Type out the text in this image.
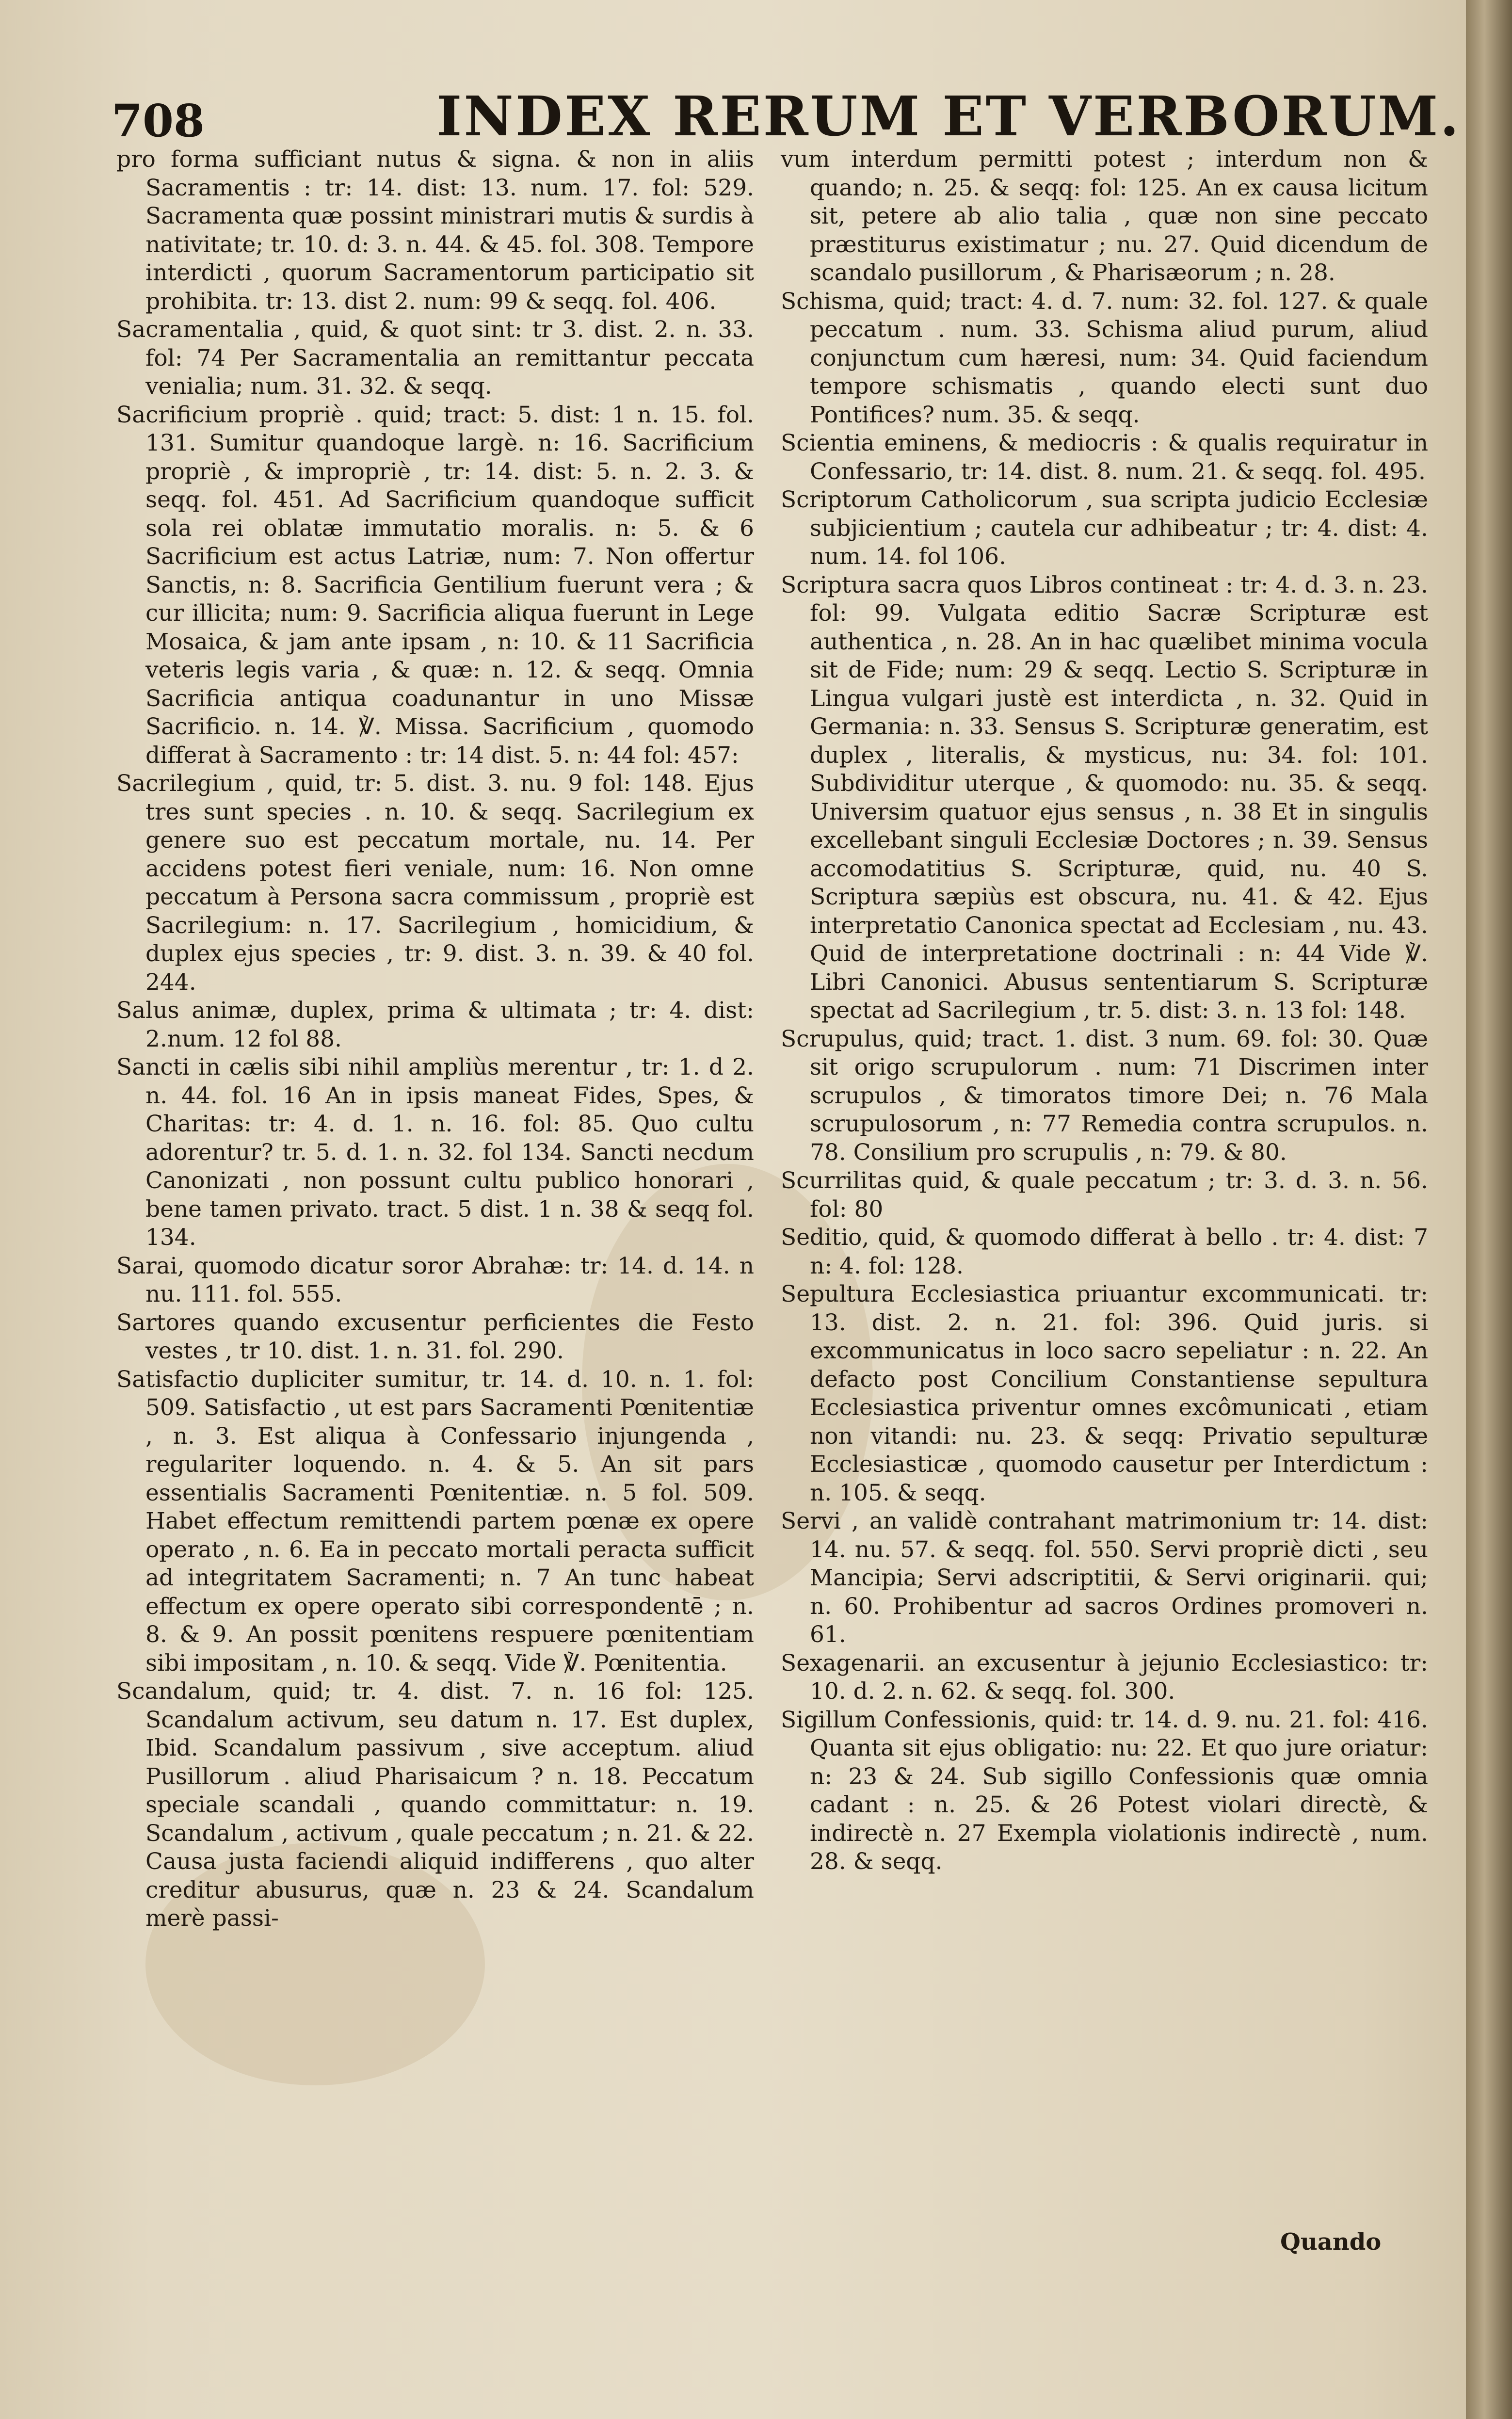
708	INDEX RERUM ET VERBORUM.

pro forma sufficiant nutus & signa. & non in aliis Sacramentis : tr: 14. dist: 13. num. 17. fol: 529. Sacramenta quæ possint ministrari mutis & surdis à nativitate; tr. 10. d: 3. n. 44. & 45. fol. 308. Tempore interdicti , quorum Sacramentorum participatio sit prohibita. tr: 13. dist 2. num: 99 & seqq. fol. 406.

Sacramentalia , quid, & quot sint: tr 3. dist. 2. n. 33. fol: 74 Per Sacramentalia an remittantur peccata venialia; num. 31. 32. & seqq.

Sacrificium propriè . quid; tract: 5. dist: 1 n. 15. fol. 131. Sumitur quandoque largè. n: 16. Sacrificium propriè , & impropriè , tr: 14. dist: 5. n. 2. 3. & seqq. fol. 451. Ad Sacrificium quandoque sufficit sola rei oblatæ immutatio moralis. n: 5. & 6 Sacrificium est actus Latriæ, num: 7. Non offertur Sanctis, n: 8. Sacrificia Gentilium fuerunt vera ; & cur illicita; num: 9. Sacrificia aliqua fuerunt in Lege Mosaica, & jam ante ipsam , n: 10. & 11 Sacrificia veteris legis varia , & quæ: n. 12. & seqq. Omnia Sacrificia antiqua coadunantur in uno Missæ Sacrificio. n. 14. ℣. Missa. Sacrificium , quomodo differat à Sacramento : tr: 14 dist. 5. n: 44 fol: 457:

Sacrilegium , quid, tr: 5. dist. 3. nu. 9 fol: 148. Ejus tres sunt species . n. 10. & seqq. Sacrilegium ex genere suo est peccatum mortale, nu. 14. Per accidens potest fieri veniale, num: 16. Non omne peccatum à Persona sacra commissum , propriè est Sacrilegium: n. 17. Sacrilegium , homicidium, & duplex ejus species , tr: 9. dist. 3. n. 39. & 40 fol. 244.

Salus animæ, duplex, prima & ultimata ; tr: 4. dist: 2.num. 12 fol 88.

Sancti in cælis sibi nihil ampliùs merentur , tr: 1. d 2. n. 44. fol. 16 An in ipsis maneat Fides, Spes, & Charitas: tr: 4. d. 1. n. 16. fol: 85. Quo cultu adorentur? tr. 5. d. 1. n. 32. fol 134. Sancti necdum Canonizati , non possunt cultu publico honorari , bene tamen privato. tract. 5 dist. 1 n. 38 & seqq fol. 134.

Sarai, quomodo dicatur soror Abrahæ: tr: 14. d. 14. n nu. 111. fol. 555.

Sartores quando excusentur perficientes die Festo vestes , tr 10. dist. 1. n. 31. fol. 290.

Satisfactio dupliciter sumitur, tr. 14. d. 10. n. 1. fol: 509. Satisfactio , ut est pars Sacramenti Pœnitentiæ , n. 3. Est aliqua à Confessario injungenda , regulariter loquendo. n. 4. & 5. An sit pars essentialis Sacramenti Pœnitentiæ. n. 5 fol. 509. Habet effectum remittendi partem pœnæ ex opere operato , n. 6. Ea in peccato mortali peracta sufficit ad integritatem Sacramenti; n. 7 An tunc habeat effectum ex opere operato sibi correspondentē ; n. 8. & 9. An possit pœnitens respuere pœnitentiam sibi impositam , n. 10. & seqq. Vide ℣. Pœnitentia.

Scandalum, quid; tr. 4. dist. 7. n. 16 fol: 125. Scandalum activum, seu datum n. 17. Est duplex, Ibid. Scandalum passivum , sive acceptum. aliud Pusillorum . aliud Pharisaicum ? n. 18. Peccatum speciale scandali , quando committatur: n. 19. Scandalum , activum , quale peccatum ; n. 21. & 22. Causa justa faciendi aliquid indifferens , quo alter creditur abusurus, quæ n. 23 & 24. Scandalum merè passi-

vum interdum permitti potest ; interdum non & quando; n. 25. & seqq: fol: 125. An ex causa licitum sit, petere ab alio talia , quæ non sine peccato præstiturus existimatur ; nu. 27. Quid dicendum de scandalo pusillorum , & Pharisæorum ; n. 28.

Schisma, quid; tract: 4. d. 7. num: 32. fol. 127. & quale peccatum . num. 33. Schisma aliud purum, aliud conjunctum cum hæresi, num: 34. Quid faciendum tempore schismatis , quando electi sunt duo Pontifices? num. 35. & seqq.

Scientia eminens, & mediocris : & qualis requiratur in Confessario, tr: 14. dist. 8. num. 21. & seqq. fol. 495.

Scriptorum Catholicorum , sua scripta judicio Ecclesiæ subjicientium ; cautela cur adhibeatur ; tr: 4. dist: 4. num. 14. fol 106.

Scriptura sacra quos Libros contineat : tr: 4. d. 3. n. 23. fol: 99. Vulgata editio Sacræ Scripturæ est authentica , n. 28. An in hac quælibet minima vocula sit de Fide; num: 29 & seqq. Lectio S. Scripturæ in Lingua vulgari justè est interdicta , n. 32. Quid in Germania: n. 33. Sensus S. Scripturæ generatim, est duplex , literalis, & mysticus, nu: 34. fol: 101. Subdividitur uterque , & quomodo: nu. 35. & seqq. Universim quatuor ejus sensus , n. 38 Et in singulis excellebant singuli Ecclesiæ Doctores ; n. 39. Sensus accomodatitius S. Scripturæ, quid, nu. 40 S. Scriptura sæpiùs est obscura, nu. 41. & 42. Ejus interpretatio Canonica spectat ad Ecclesiam , nu. 43. Quid de interpretatione doctrinali : n: 44 Vide ℣. Libri Canonici. Abusus sententiarum S. Scripturæ spectat ad Sacrilegium , tr. 5. dist: 3. n. 13 fol: 148.

Scrupulus, quid; tract. 1. dist. 3 num. 69. fol: 30. Quæ sit origo scrupulorum . num: 71 Discrimen inter scrupulos , & timoratos timore Dei; n. 76 Mala scrupulosorum , n: 77 Remedia contra scrupulos. n. 78. Consilium pro scrupulis , n: 79. & 80.

Scurrilitas quid, & quale peccatum ; tr: 3. d. 3. n. 56. fol: 80

Seditio, quid, & quomodo differat à bello . tr: 4. dist: 7 n: 4. fol: 128.

Sepultura Ecclesiastica priuantur excommunicati. tr: 13. dist. 2. n. 21. fol: 396. Quid juris. si excommunicatus in loco sacro sepeliatur : n. 22. An defacto post Concilium Constantiense sepultura Ecclesiastica priventur omnes excômunicati , etiam non vitandi: nu. 23. & seqq: Privatio sepulturæ Ecclesiasticæ , quomodo causetur per Interdictum : n. 105. & seqq.

Servi , an validè contrahant matrimonium tr: 14. dist: 14. nu. 57. & seqq. fol. 550. Servi propriè dicti , seu Mancipia; Servi adscriptitii, & Servi originarii. qui; n. 60. Prohibentur ad sacros Ordines promoveri n. 61.

Sexagenarii. an excusentur à jejunio Ecclesiastico: tr: 10. d. 2. n. 62. & seqq. fol. 300.

Sigillum Confessionis, quid: tr. 14. d. 9. nu. 21. fol: 416. Quanta sit ejus obligatio: nu: 22. Et quo jure oriatur: n: 23 & 24. Sub sigillo Confessionis quæ omnia cadant : n. 25. & 26 Potest violari directè, & indirectè n. 27 Exempla violationis indirectè , num. 28. & seqq.

Quando
